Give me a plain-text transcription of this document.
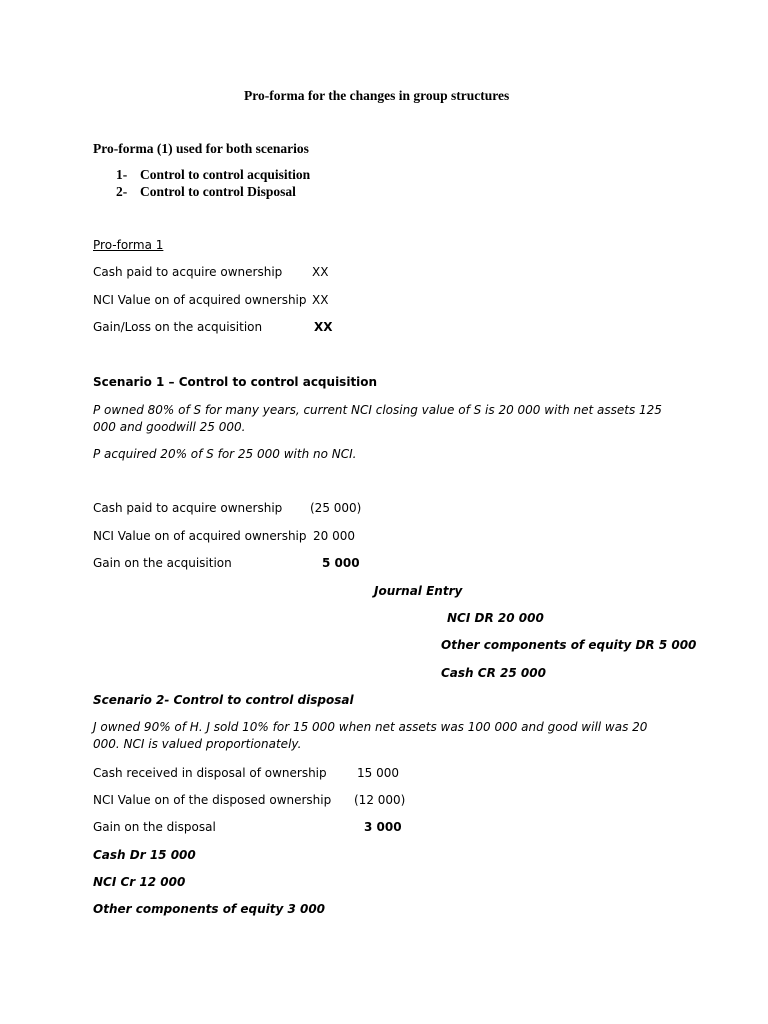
Pro-forma for the changes in group structures
Pro-forma (1) used for both scenarios
1- Control to control acquisition
2- Control to control Disposal
Pro-forma 1
Cash paid to acquire ownership XX
NCI Value on of acquired ownership XX
Gain/Loss on the acquisition	XX
Scenario 1 – Control to control acquisition
P owned 80% of S for many years, current NCI closing value of S is 20 000 with net assets 125 000 and goodwill 25 000.
P acquired 20% of S for 25 000 with no NCI.
Cash paid to acquire ownership (25 000)
NCI Value on of acquired ownership 20 000
Gain on the acquisition	5 000
Journal Entry
NCI DR 20 000
Other components of equity DR 5 000
Cash CR 25 000
Scenario 2- Control to control disposal
J owned 90% of H. J sold 10% for 15 000 when net assets was 100 000 and good will was 20 000. NCI is valued proportionately.
Cash received in disposal of ownership	15 000
NCI Value on of the disposed ownership (12 000)
Gain on the disposal	3 000
Cash Dr 15 000
NCI Cr 12 000
Other components of equity 3 000
